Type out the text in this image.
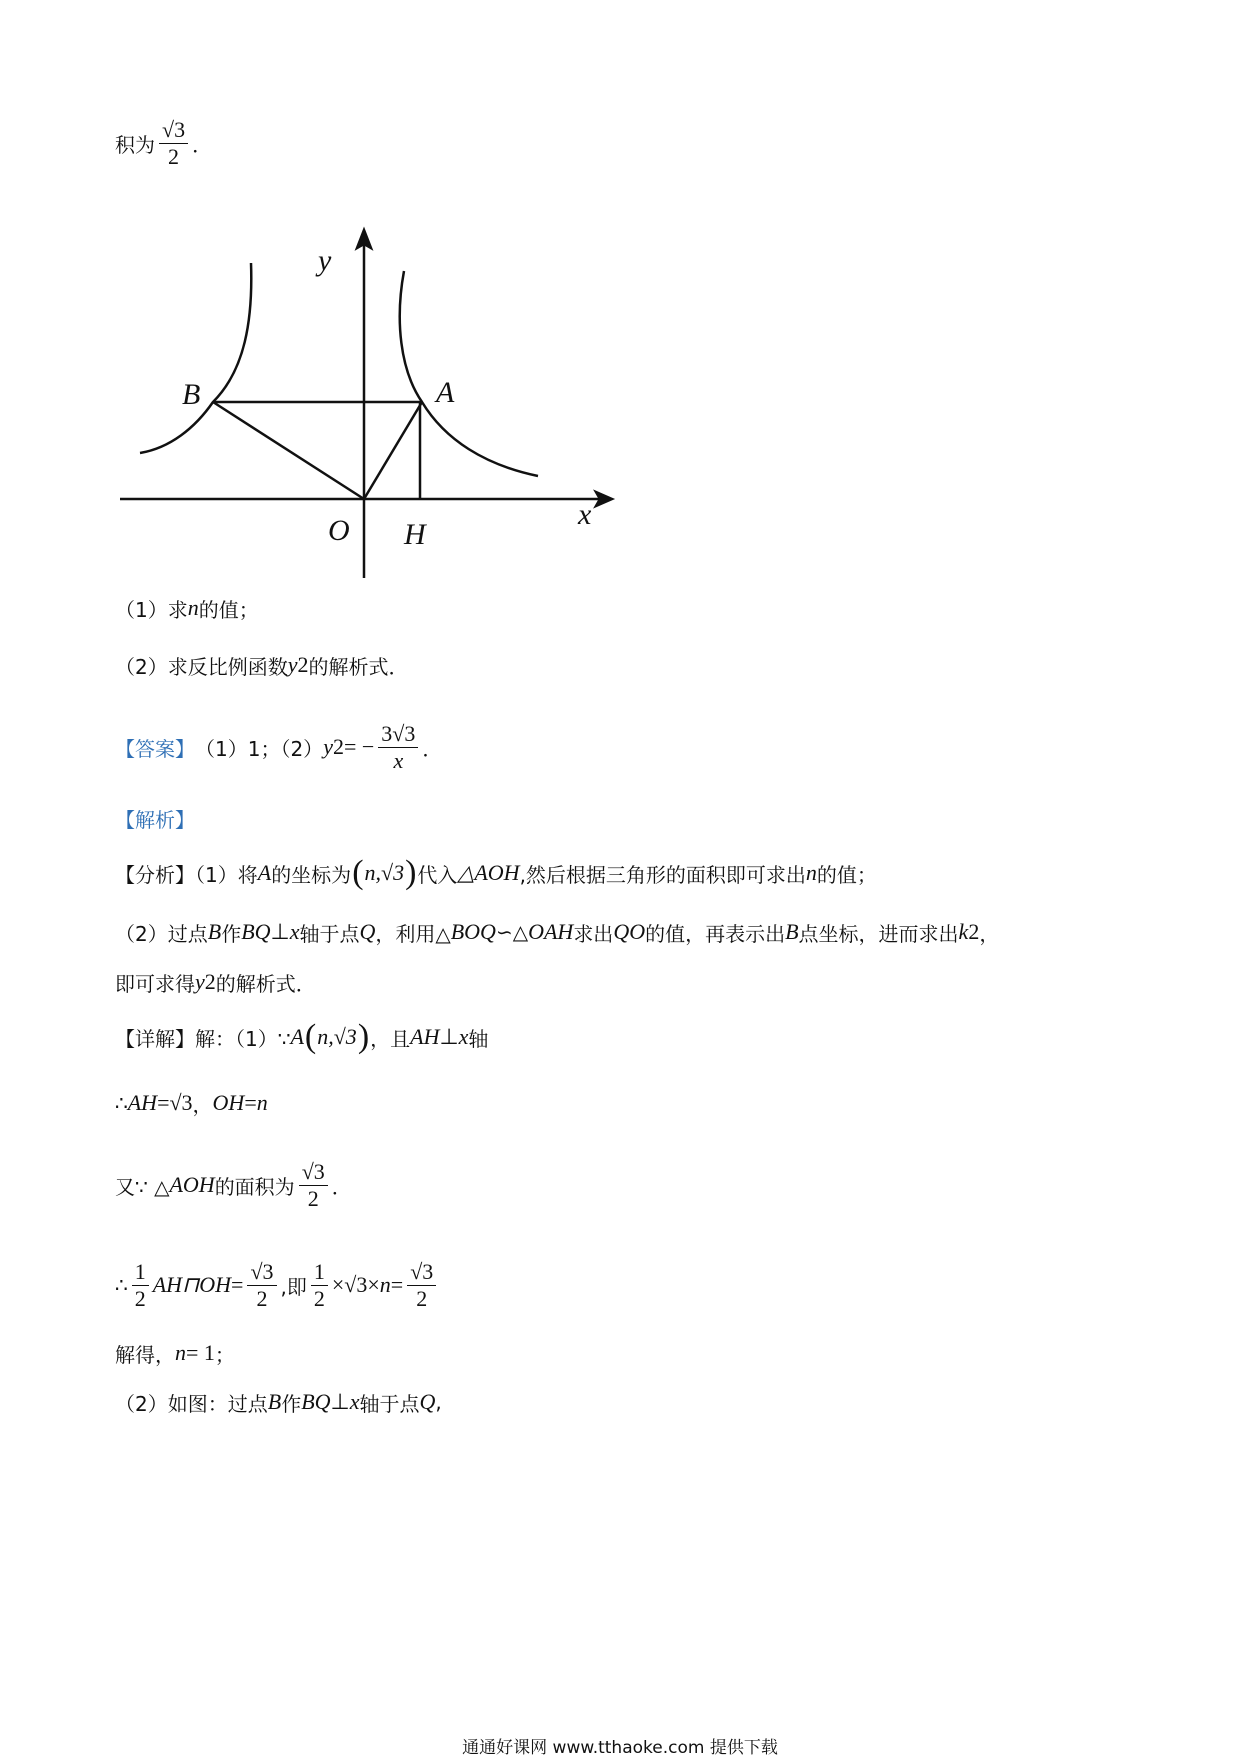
积为 $\frac{√3}{2}$ ．
y
B	A
O H
x
（1）求 n 的值；
（2）求反比例函数 y 2 的解析式．
【答案】 （1）1；（2） y 2 = − $\frac{3√3}{x}$ ．
【解析】
【分析】（1）将 A 的坐标为 ( n,√3 ) 代入 △AOH ,然后根据三角形的面积即可求出 n 的值；
（2）过点 B 作 BQ ⊥ x 轴于点 Q ，利用△ BOQ ∽△ OAH 求出 QO 的值，再表示出 B 点坐标，进而求出 k 2 ，
即可求得 y 2 的解析式．
【详解】解：（1）∵ A ( n,√3 ) ，且 AH ⊥ x 轴
∴ AH =√3 ， OH = n
又∵ △ AOH 的面积为 $\frac{√3}{2}$ ．
∴ $\frac{1}{2}$ AH⊓OH = $\frac{√3}{2}$ ,即 $\frac{1}{2} \times√3\times n = \frac{√3}{2}$
解得， n = 1 ；
（2）如图：过点 B 作 BQ ⊥ x 轴于点 Q ,
通通好课网 www.tthaoke.com 提供下载
